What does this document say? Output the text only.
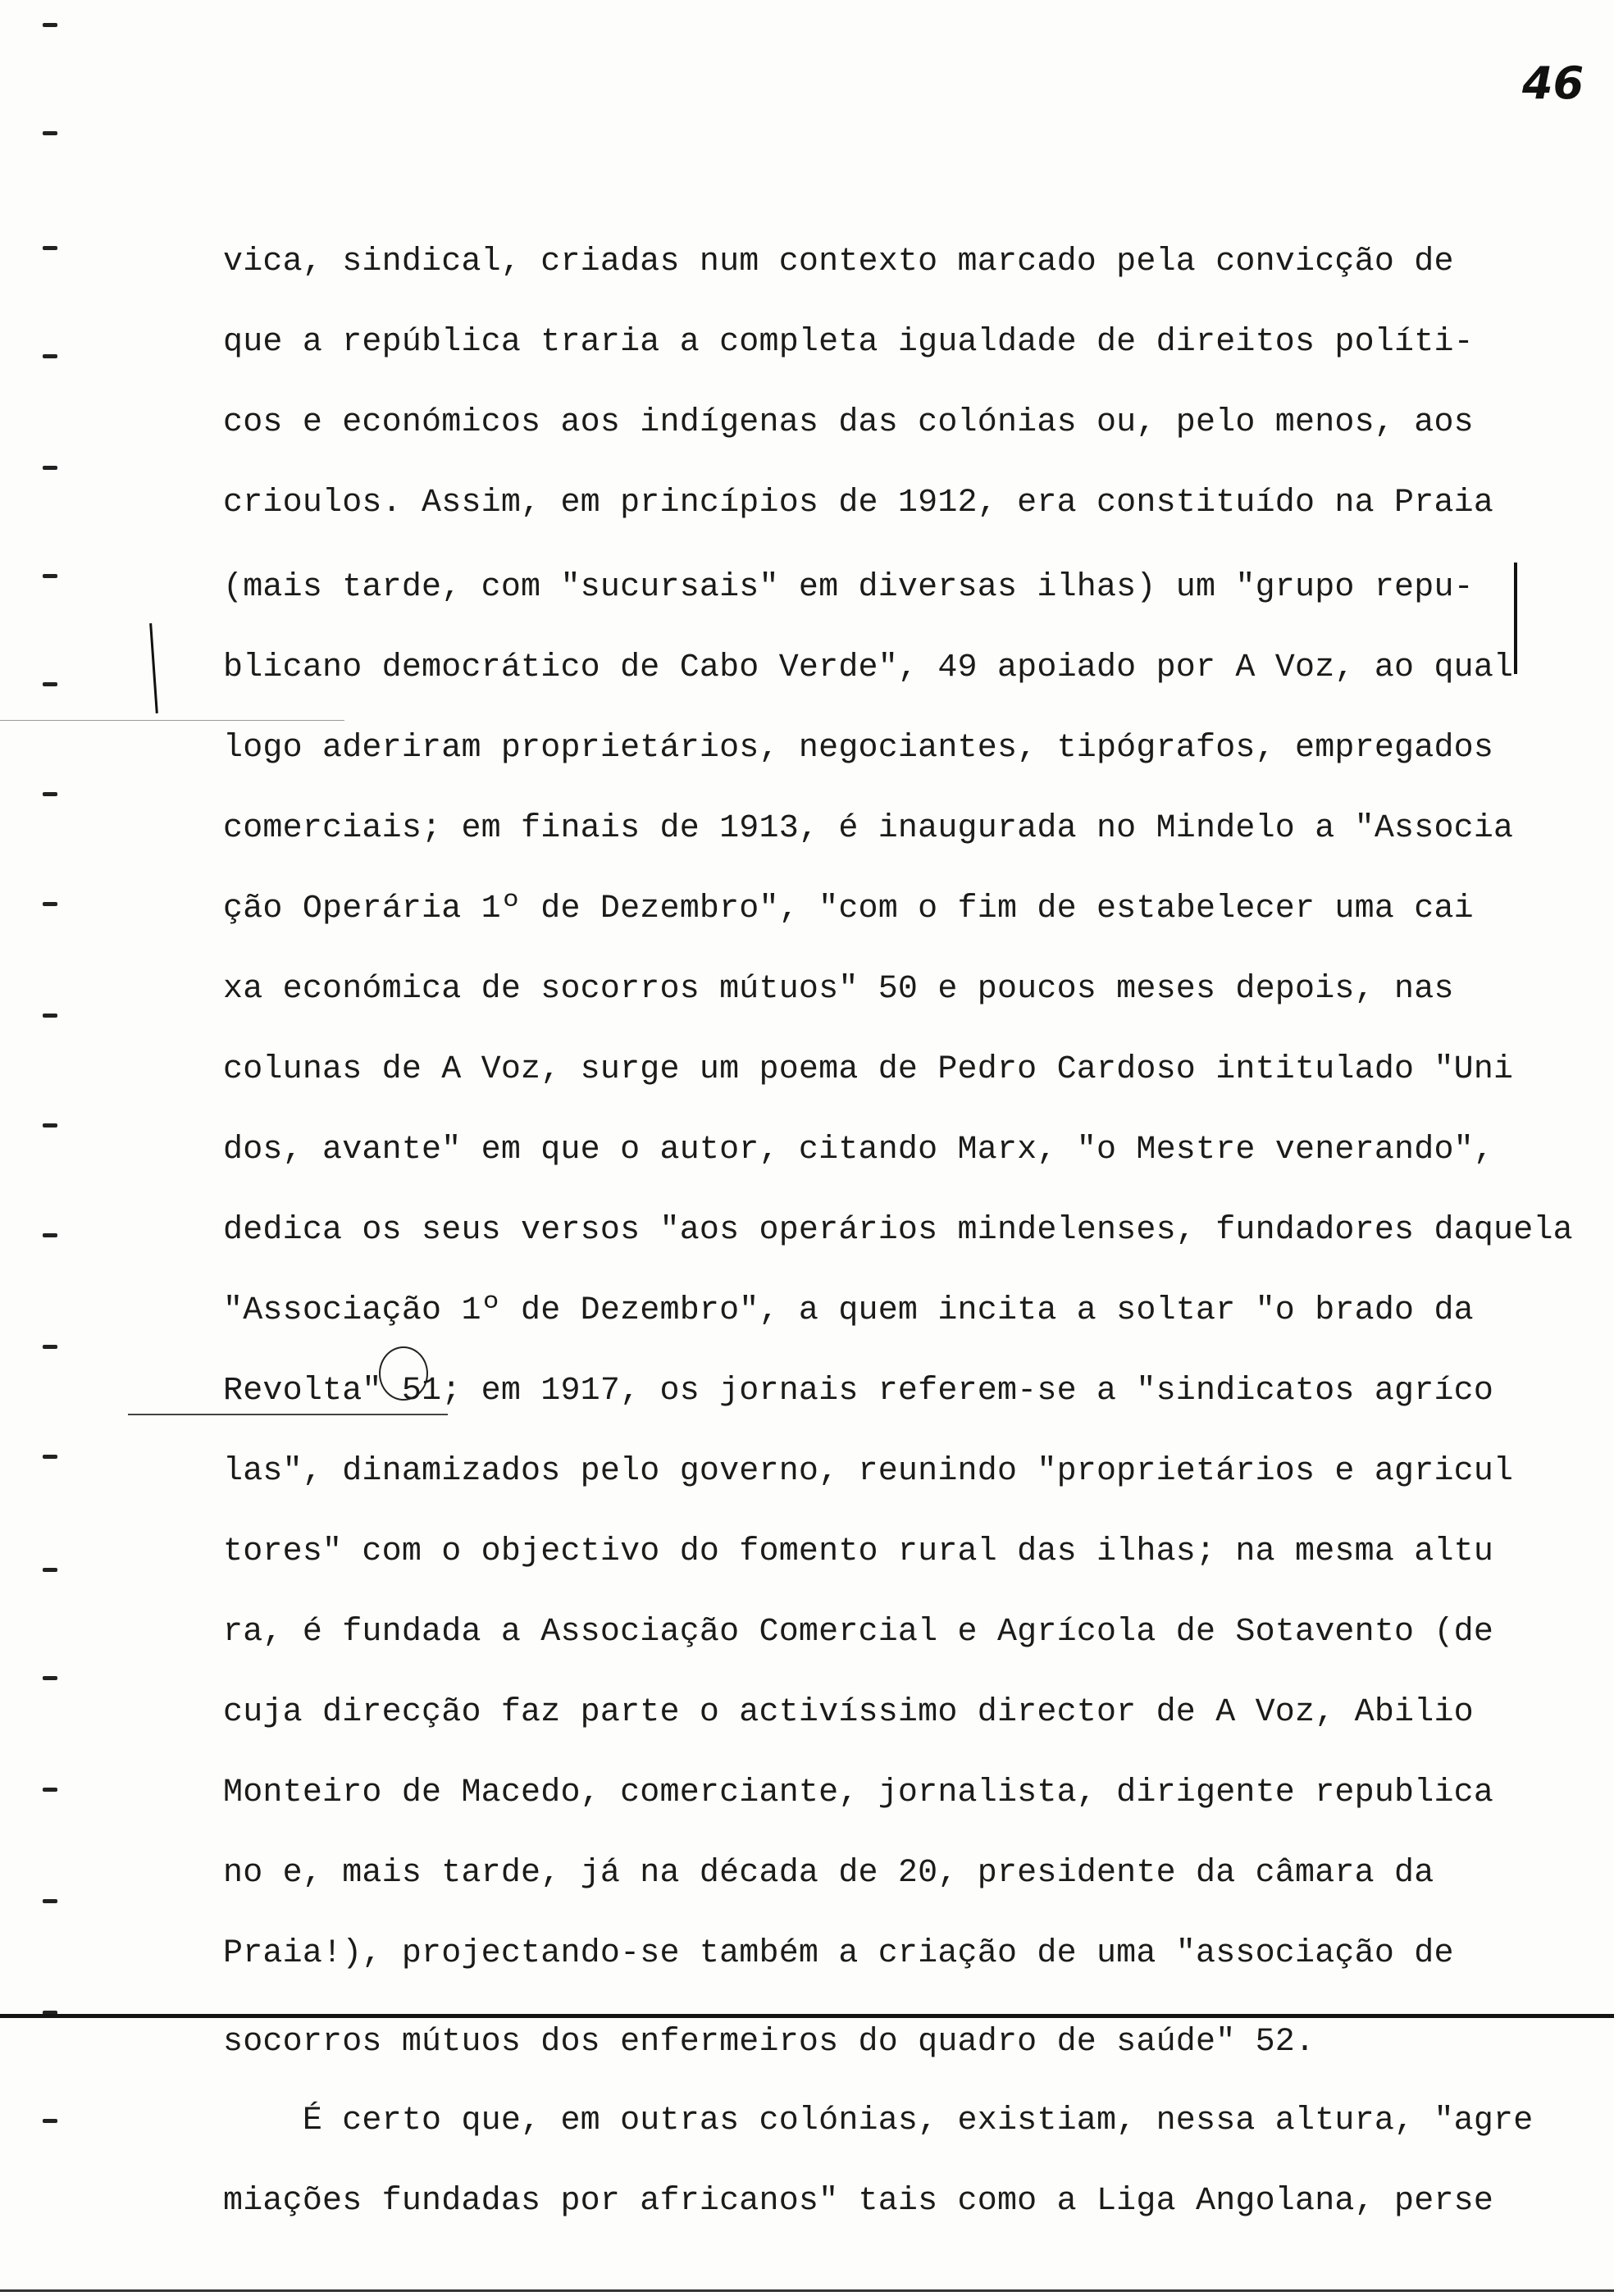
46
vica, sindical, criadas num contexto marcado pela convicção de
que a república traria a completa igualdade de direitos políti-
cos e económicos aos indígenas das colónias ou, pelo menos, aos
crioulos. Assim, em princípios de 1912, era constituído na Praia
(mais tarde, com "sucursais" em diversas ilhas) um "grupo repu-
blicano democrático de Cabo Verde", 49 apoiado por A Voz, ao qual
logo aderiram proprietários, negociantes, tipógrafos, empregados
comerciais; em finais de 1913, é inaugurada no Mindelo a "Associa
ção Operária 1º de Dezembro", "com o fim de estabelecer uma cai
xa económica de socorros mútuos" 50 e poucos meses depois, nas
colunas de A Voz, surge um poema de Pedro Cardoso intitulado "Uni
dos, avante" em que o autor, citando Marx, "o Mestre venerando",
dedica os seus versos "aos operários mindelenses, fundadores daquela
"Associação 1º de Dezembro", a quem incita a soltar "o brado da
Revolta" 51; em 1917, os jornais referem-se a "sindicatos agríco
las", dinamizados pelo governo, reunindo "proprietários e agricul
tores" com o objectivo do fomento rural das ilhas; na mesma altu
ra, é fundada a Associação Comercial e Agrícola de Sotavento (de
cuja direcção faz parte o activíssimo director de A Voz, Abilio
Monteiro de Macedo, comerciante, jornalista, dirigente republica
no e, mais tarde, já na década de 20, presidente da câmara da
Praia!), projectando-se também a criação de uma "associação de
socorros mútuos dos enfermeiros do quadro de saúde" 52.
É certo que, em outras colónias, existiam, nessa altura, "agre
miações fundadas por africanos" tais como a Liga Angolana, perse
